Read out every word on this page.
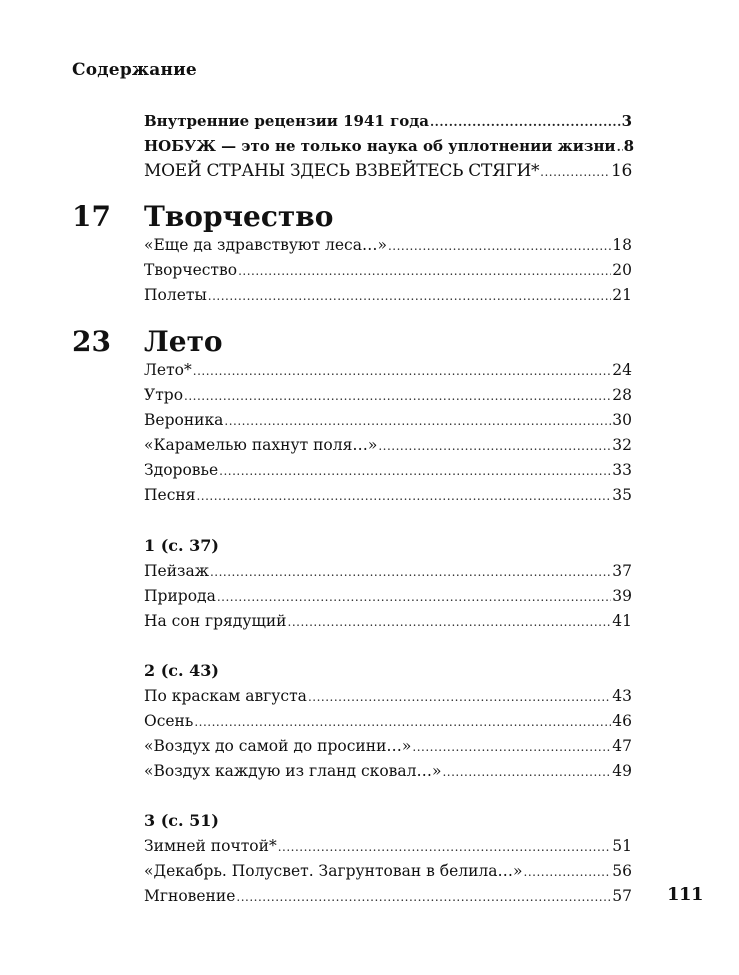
Содержание
Внутренние рецензии 1941 года .....	3
НОБУЖ — это не только наука об уплотнении жизни ..... 8
МОЕЙ СТРАНЫ ЗДЕСЬ ВЗВЕЙТЕСЬ СТЯГИ* .....	16
17 Творчество
«Еще да здравствуют леса…» .....	18
Творчество .....	20
Полеты .....	21
23 Лето
Лето* .....	24
Утро .....	28
Вероника .....	30
«Карамелью пахнут поля…» .....	32
Здоровье .....	33
Песня .....	35
1 (с. 37)
Пейзаж .....	37
Природа .....	39
На сон грядущий .....	41
2 (с. 43)
По краскам августа .....	43
Осень .....	46
«Воздух до самой до просини…» .....	47
«Воздух каждую из гланд сковал…» .....	49
3 (с. 51)
Зимней почтой* .....	51
«Декабрь. Полусвет. Загрунтован в белила…» .....	56
Мгновение .....	57 111
